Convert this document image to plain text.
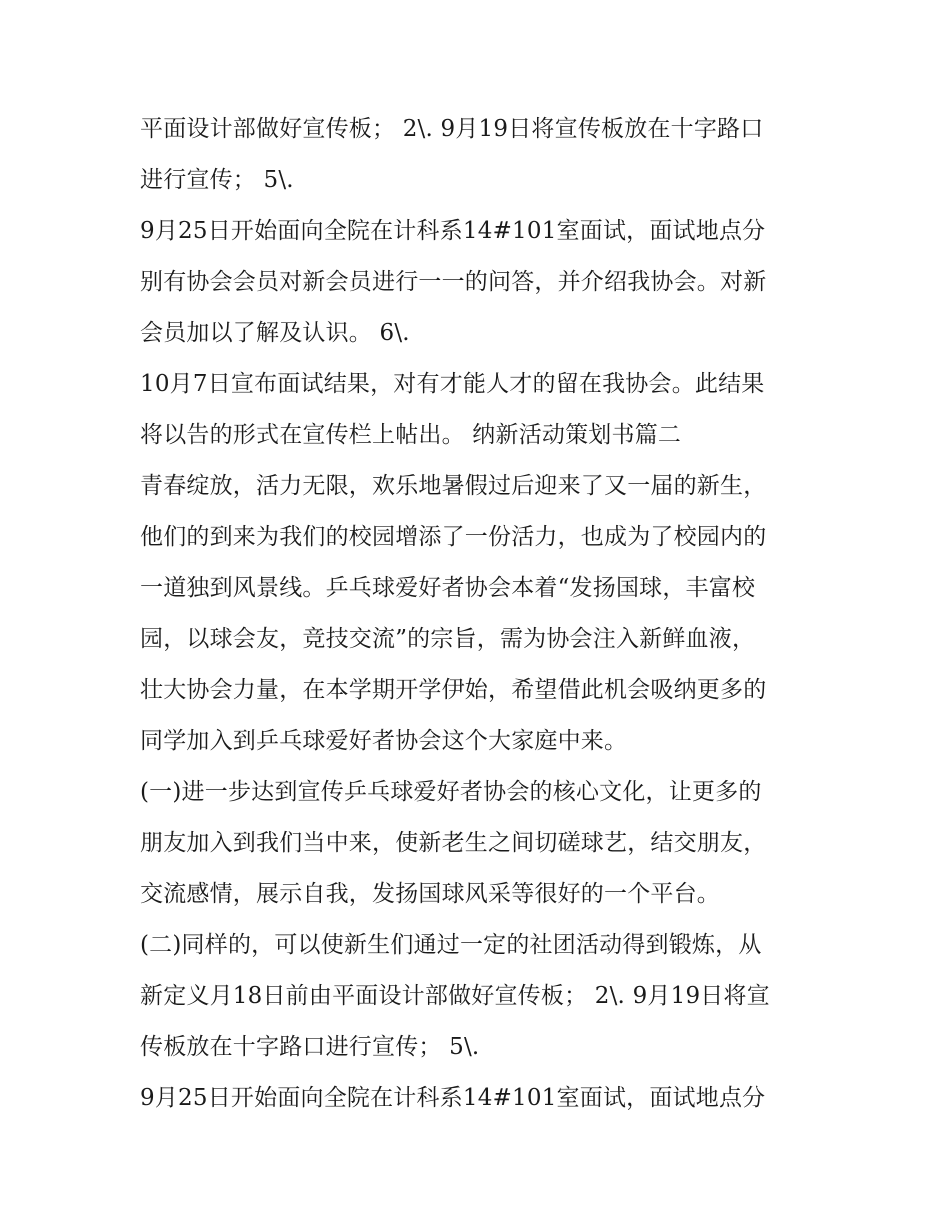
平面设计部做好宣传板； 2\. 9月19日将宣传板放在十字路口

进行宣传； 5\.

9月25日开始面向全院在计科系14#101室面试，面试地点分

别有协会会员对新会员进行一一的问答，并介绍我协会。对新

会员加以了解及认识。 6\.

10月7日宣布面试结果，对有才能人才的留在我协会。此结果

将以告的形式在宣传栏上帖出。 纳新活动策划书篇二

青春绽放，活力无限，欢乐地暑假过后迎来了又一届的新生，

他们的到来为我们的校园增添了一份活力，也成为了校园内的

一道独到风景线。乒乓球爱好者协会本着“发扬国球，丰富校

园，以球会友，竞技交流”的宗旨，需为协会注入新鲜血液，

壮大协会力量，在本学期开学伊始，希望借此机会吸纳更多的

同学加入到乒乓球爱好者协会这个大家庭中来。

(一)进一步达到宣传乒乓球爱好者协会的核心文化，让更多的

朋友加入到我们当中来，使新老生之间切磋球艺，结交朋友，

交流感情，展示自我，发扬国球风采等很好的一个平台。

(二)同样的，可以使新生们通过一定的社团活动得到锻炼，从

新定义月18日前由平面设计部做好宣传板； 2\. 9月19日将宣

传板放在十字路口进行宣传； 5\.

9月25日开始面向全院在计科系14#101室面试，面试地点分
